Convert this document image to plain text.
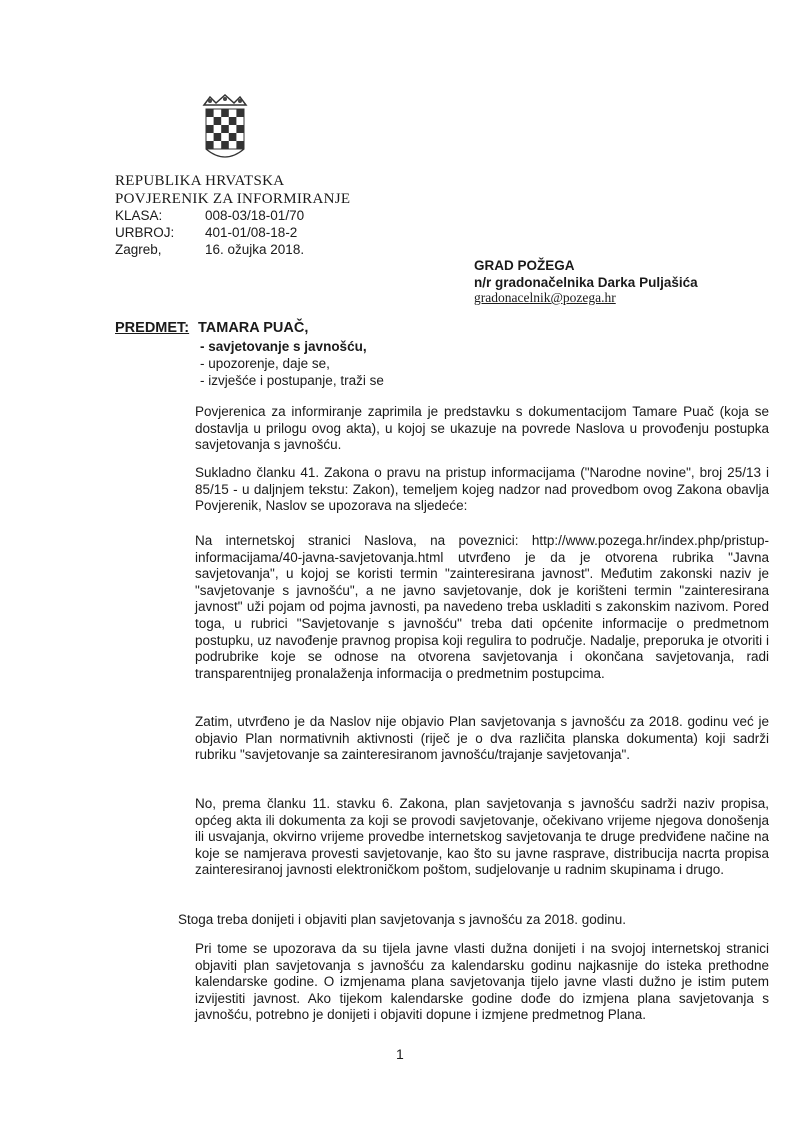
REPUBLIKA HRVATSKA
POVJERENIK ZA INFORMIRANJE
KLASA:	008-03/18-01/70
URBROJ: 401-01/08-18-2
Zagreb,	16. ožujka 2018.
GRAD POŽEGA
n/r gradonačelnika Darka Puljašića
gradonacelnik@pozega.hr
PREDMET: TAMARA PUAČ,
- savjetovanje s javnošću,
- upozorenje, daje se,
- izvješće i postupanje, traži se

Povjerenica za informiranje zaprimila je predstavku s dokumentacijom Tamare Puač (koja se dostavlja u prilogu ovog akta), u kojoj se ukazuje na povrede Naslova u provođenju postupka savjetovanja s javnošću.

Sukladno članku 41. Zakona o pravu na pristup informacijama ("Narodne novine", broj 25/13 i 85/15 - u daljnjem tekstu: Zakon), temeljem kojeg nadzor nad provedbom ovog Zakona obavlja Povjerenik, Naslov se upozorava na sljedeće:

Na internetskoj stranici Naslova, na poveznici: http://www.pozega.hr/index.php/pristup-informacijama/40-javna-savjetovanja.html utvrđeno je da je otvorena rubrika "Javna savjetovanja", u kojoj se koristi termin "zainteresirana javnost". Međutim zakonski naziv je "savjetovanje s javnošću", a ne javno savjetovanje, dok je korišteni termin "zainteresirana javnost" uži pojam od pojma javnosti, pa navedeno treba uskladiti s zakonskim nazivom. Pored toga, u rubrici "Savjetovanje s javnošću" treba dati općenite informacije o predmetnom postupku, uz navođenje pravnog propisa koji regulira to područje. Nadalje, preporuka je otvoriti i podrubrike koje se odnose na otvorena savjetovanja i okončana savjetovanja, radi transparentnijeg pronalaženja informacija o predmetnim postupcima.

Zatim, utvrđeno je da Naslov nije objavio Plan savjetovanja s javnošću za 2018. godinu već je objavio Plan normativnih aktivnosti (riječ je o dva različita planska dokumenta) koji sadrži rubriku "savjetovanje sa zainteresiranom javnošću/trajanje savjetovanja".

No, prema članku 11. stavku 6. Zakona, plan savjetovanja s javnošću sadrži naziv propisa, općeg akta ili dokumenta za koji se provodi savjetovanje, očekivano vrijeme njegova donošenja ili usvajanja, okvirno vrijeme provedbe internetskog savjetovanja te druge predviđene načine na koje se namjerava provesti savjetovanje, kao što su javne rasprave, distribucija nacrta propisa zainteresiranoj javnosti elektroničkom poštom, sudjelovanje u radnim skupinama i drugo.

Stoga treba donijeti i objaviti plan savjetovanja s javnošću za 2018. godinu.

Pri tome se upozorava da su tijela javne vlasti dužna donijeti i na svojoj internetskoj stranici objaviti plan savjetovanja s javnošću za kalendarsku godinu najkasnije do isteka prethodne kalendarske godine. O izmjenama plana savjetovanja tijelo javne vlasti dužno je istim putem izvijestiti javnost. Ako tijekom kalendarske godine dođe do izmjena plana savjetovanja s javnošću, potrebno je donijeti i objaviti dopune i izmjene predmetnog Plana.

1
